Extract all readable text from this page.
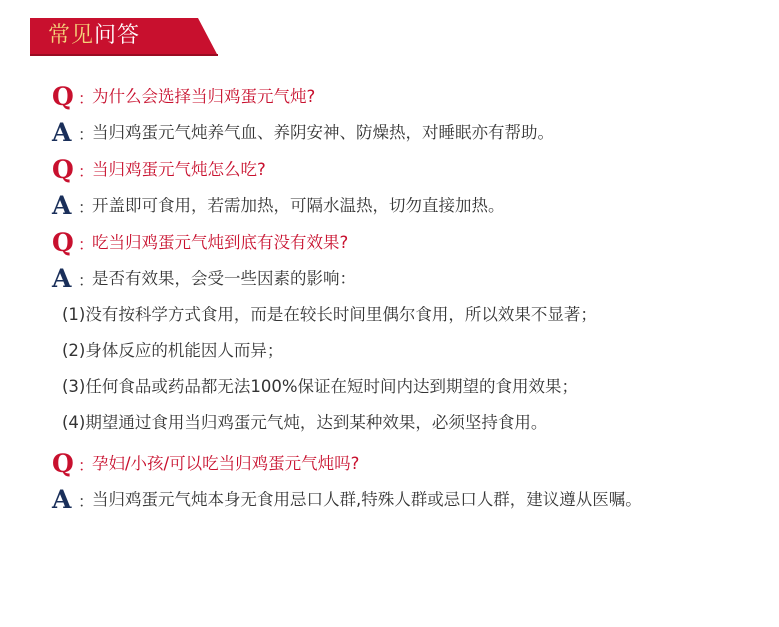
常见问答
Q ：
为什么会选择当归鸡蛋元气炖?
A ：
当归鸡蛋元气炖养气血、养阴安神、防燥热，对睡眠亦有帮助。
Q ：
当归鸡蛋元气炖怎么吃?
A ：
开盖即可食用，若需加热，可隔水温热，切勿直接加热。
Q ：
吃当归鸡蛋元气炖到底有没有效果?
A ：
是否有效果，会受一些因素的影响：
(1)没有按科学方式食用，而是在较长时间里偶尔食用，所以效果不显著；
(2)身体反应的机能因人而异；
(3)任何食品或药品都无法100%保证在短时间内达到期望的食用效果；
(4)期望通过食用当归鸡蛋元气炖，达到某种效果，必须坚持食用。
Q ：
孕妇/小孩/可以吃当归鸡蛋元气炖吗?
A ：
当归鸡蛋元气炖本身无食用忌口人群,特殊人群或忌口人群，建议遵从医嘱。
